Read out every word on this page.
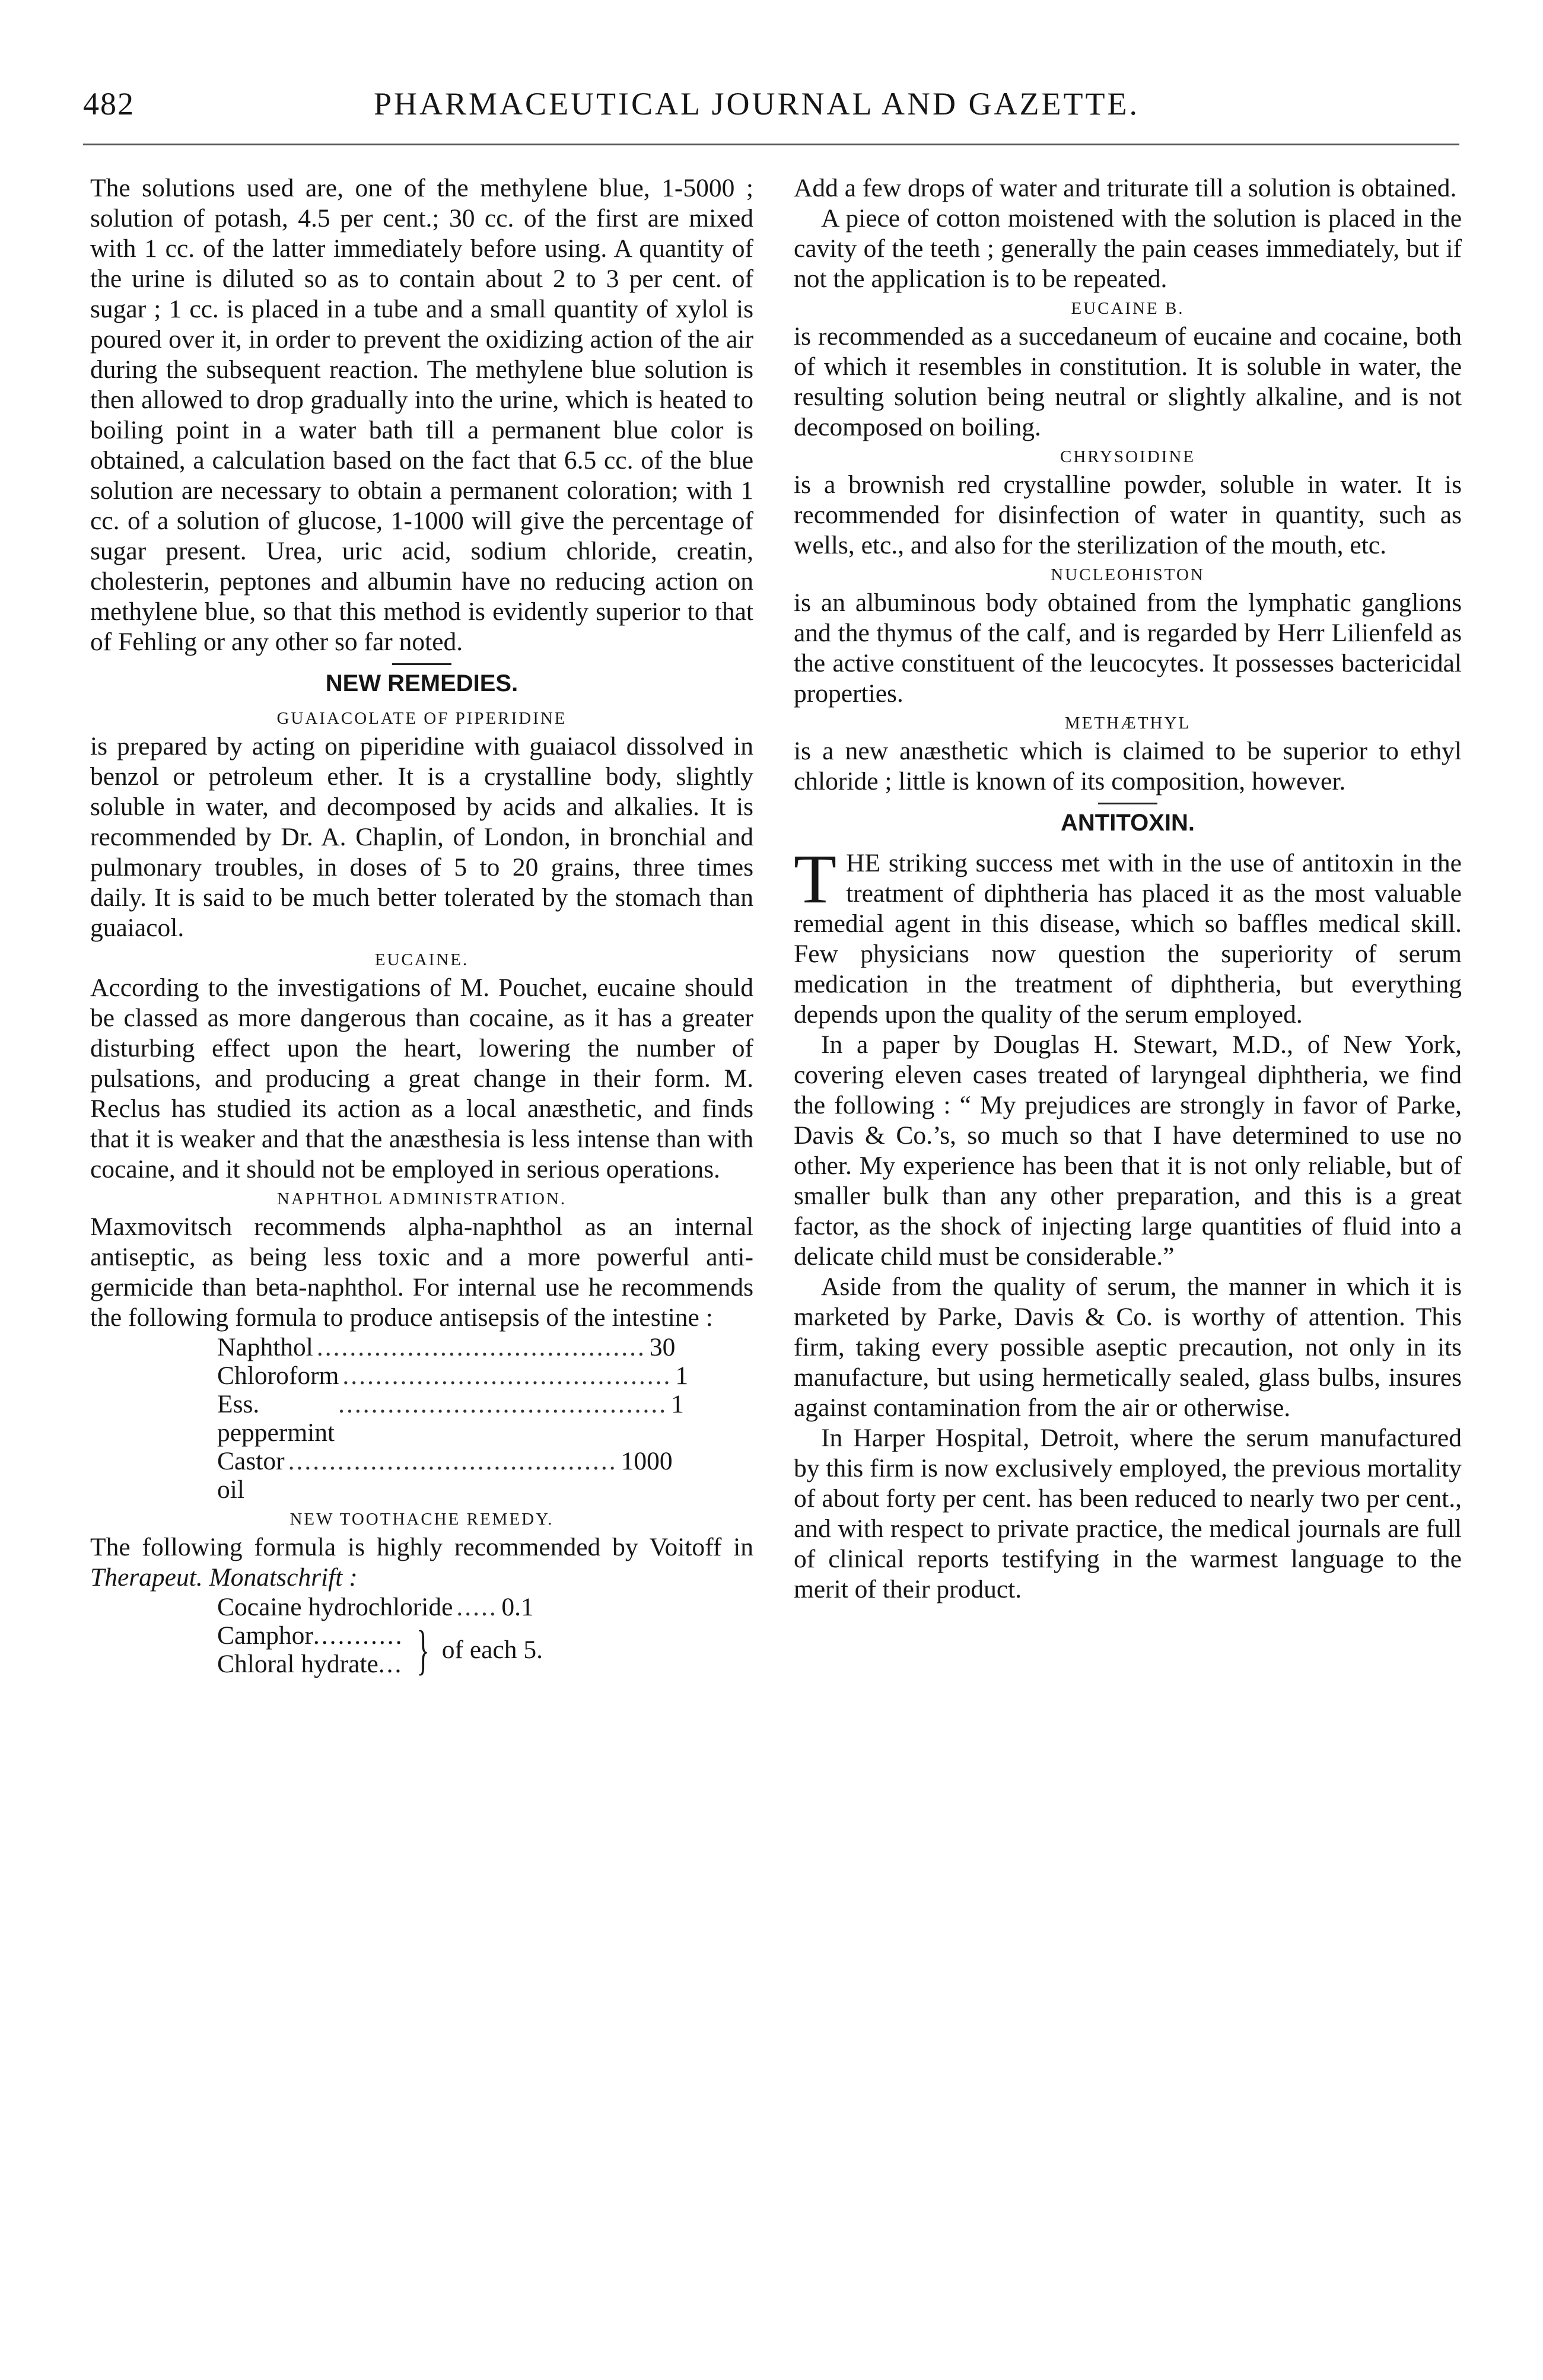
482	PHARMACEUTICAL JOURNAL AND GAZETTE.

The solutions used are, one of the methylene blue, 1-5000 ; solution of potash, 4.5 per cent.; 30 cc. of the first are mixed with 1 cc. of the latter immediately before using. A quantity of the urine is diluted so as to contain about 2 to 3 per cent. of sugar ; 1 cc. is placed in a tube and a small quantity of xylol is poured over it, in order to prevent the oxidizing action of the air during the subsequent reaction. The methylene blue solution is then allowed to drop gradually into the urine, which is heated to boiling point in a water bath till a permanent blue color is obtained, a calculation based on the fact that 6.5 cc. of the blue solution are necessary to obtain a permanent coloration; with 1 cc. of a solution of glucose, 1-1000 will give the percentage of sugar present. Urea, uric acid, sodium chloride, creatin, cholesterin, peptones and albumin have no reducing action on methylene blue, so that this method is evidently superior to that of Fehling or any other so far noted.

NEW REMEDIES.
GUAIACOLATE OF PIPERIDINE

is prepared by acting on piperidine with guaiacol dissolved in benzol or petroleum ether. It is a crystalline body, slightly soluble in water, and decomposed by acids and alkalies. It is recommended by Dr. A. Chaplin, of London, in bronchial and pulmonary troubles, in doses of 5 to 20 grains, three times daily. It is said to be much better tolerated by the stomach than guaiacol.

EUCAINE.

According to the investigations of M. Pouchet, eucaine should be classed as more dangerous than cocaine, as it has a greater disturbing effect upon the heart, lowering the number of pulsations, and producing a great change in their form. M. Reclus has studied its action as a local anæsthetic, and finds that it is weaker and that the anæsthesia is less intense than with cocaine, and it should not be employed in serious operations.

NAPHTHOL ADMINISTRATION.

Maxmovitsch recommends alpha-naphthol as an internal antiseptic, as being less toxic and a more powerful anti-germicide than beta-naphthol. For internal use he recommends the following formula to produce antisepsis of the intestine :

Naphthol ........................................ 30
Chloroform ........................................ 1
Ess. peppermint
........................................ 1
Castor oil
........................................ 1000
NEW TOOTHACHE REMEDY.

The following formula is highly recommended by Voitoff in Therapeut. Monatschrift :

Cocaine hydrochloride ..... 0.1
Camphor...........
Chloral hydrate... } of each 5.

Add a few drops of water and triturate till a solution is obtained.

A piece of cotton moistened with the solution is placed in the cavity of the teeth ; generally the pain ceases immediately, but if not the application is to be repeated.

EUCAINE B.

is recommended as a succedaneum of eucaine and cocaine, both of which it resembles in constitution. It is soluble in water, the resulting solution being neutral or slightly alkaline, and is not decomposed on boiling.

CHRYSOIDINE

is a brownish red crystalline powder, soluble in water. It is recommended for disinfection of water in quantity, such as wells, etc., and also for the sterilization of the mouth, etc.

NUCLEOHISTON

is an albuminous body obtained from the lymphatic ganglions and the thymus of the calf, and is regarded by Herr Lilienfeld as the active constituent of the leucocytes. It possesses bactericidal properties.

METHÆTHYL

is a new anæsthetic which is claimed to be superior to ethyl chloride ; little is known of its composition, however.

ANTITOXIN.

THE striking success met with in the use of antitoxin in the treatment of diphtheria has placed it as the most valuable remedial agent in this disease, which so baffles medical skill. Few physicians now question the superiority of serum medication in the treatment of diphtheria, but everything depends upon the quality of the serum employed.

In a paper by Douglas H. Stewart, M.D., of New York, covering eleven cases treated of laryngeal diphtheria, we find the following : “ My prejudices are strongly in favor of Parke, Davis & Co.’s, so much so that I have determined to use no other. My experience has been that it is not only reliable, but of smaller bulk than any other preparation, and this is a great factor, as the shock of injecting large quantities of fluid into a delicate child must be considerable.”

Aside from the quality of serum, the manner in which it is marketed by Parke, Davis & Co. is worthy of attention. This firm, taking every possible aseptic precaution, not only in its manufacture, but using hermetically sealed, glass bulbs, insures against contamination from the air or otherwise.

In Harper Hospital, Detroit, where the serum manufactured by this firm is now exclusively employed, the previous mortality of about forty per cent. has been reduced to nearly two per cent., and with respect to private practice, the medical journals are full of clinical reports testifying in the warmest language to the merit of their product.
